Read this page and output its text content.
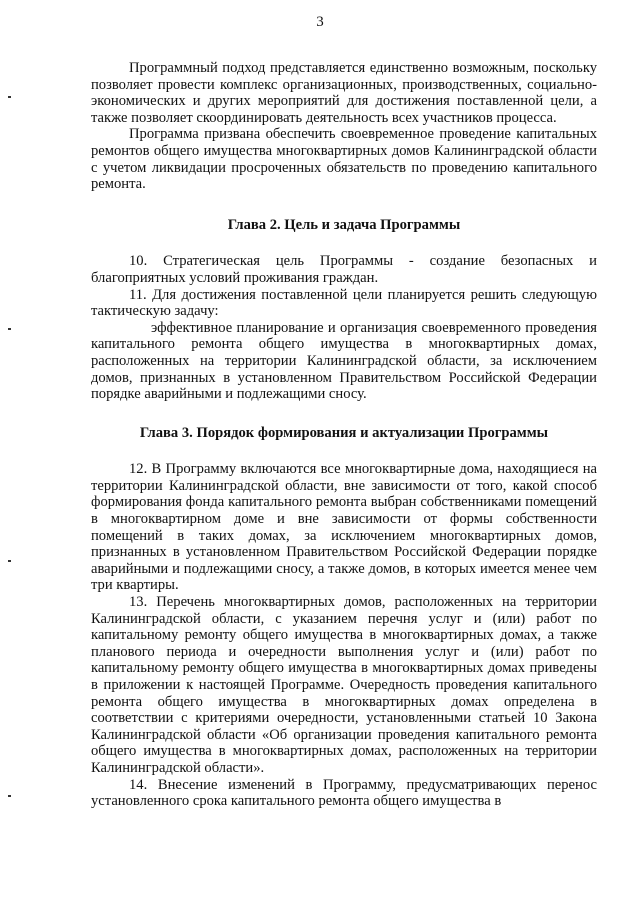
3

Программный подход представляется единственно возможным, поскольку позволяет провести комплекс организационных, производственных, социально-экономических и других мероприятий для достижения поставленной цели, а также позволяет скоординировать деятельность всех участников процесса.

Программа призвана обеспечить своевременное проведение капитальных ремонтов общего имущества многоквартирных домов Калининградской области с учетом ликвидации просроченных обязательств по проведению капитального ремонта.

Глава 2. Цель и задача Программы

10. Стратегическая цель Программы - создание безопасных и благоприятных условий проживания граждан.

11. Для достижения поставленной цели планируется решить следующую тактическую задачу:

эффективное планирование и организация своевременного проведения капитального ремонта общего имущества в многоквартирных домах, расположенных на территории Калининградской области, за исключением домов, признанных в установленном Правительством Российской Федерации порядке аварийными и подлежащими сносу.

Глава 3. Порядок формирования и актуализации Программы

12. В Программу включаются все многоквартирные дома, находящиеся на территории Калининградской области, вне зависимости от того, какой способ формирования фонда капитального ремонта выбран собственниками помещений в многоквартирном доме и вне зависимости от формы собственности помещений в таких домах, за исключением многоквартирных домов, признанных в установленном Правительством Российской Федерации порядке аварийными и подлежащими сносу, а также домов, в которых имеется менее чем три квартиры.

13. Перечень многоквартирных домов, расположенных на территории Калининградской области, с указанием перечня услуг и (или) работ по капитальному ремонту общего имущества в многоквартирных домах, а также планового периода и очередности выполнения услуг и (или) работ по капитальному ремонту общего имущества в многоквартирных домах приведены в приложении к настоящей Программе. Очередность проведения капитального ремонта общего имущества в многоквартирных домах определена в соответствии с критериями очередности, установленными статьей 10 Закона Калининградской области «Об организации проведения капитального ремонта общего имущества в многоквартирных домах, расположенных на территории Калининградской области».

14. Внесение изменений в Программу, предусматривающих перенос установленного срока капитального ремонта общего имущества в
